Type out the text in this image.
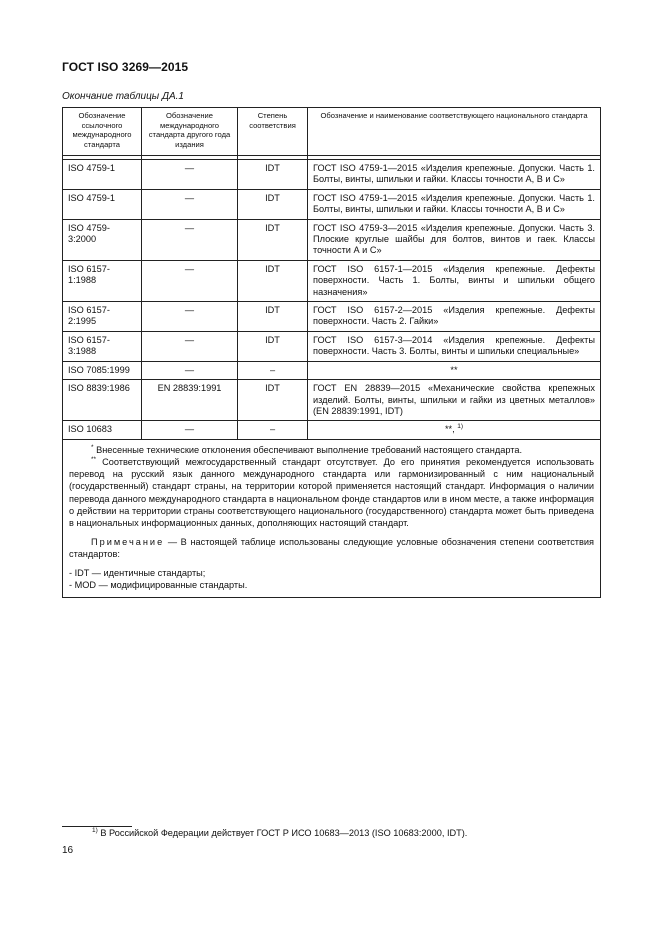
ГОСТ ISO 3269—2015
Окончание таблицы ДА.1
Обозначение ссылочного международного стандарта	Обозначение международного стандарта другого года издания	Степень соответствия	Обозначение и наименование соответствующего национального стандарта

ISO 4759-1	—	IDT	ГОСТ ISO 4759-1—2015 «Изделия крепежные. Допуски. Часть 1. Болты, винты, шпильки и гайки. Классы точности А, В и С»
ISO 4759-1	—	IDT	ГОСТ ISO 4759-1—2015 «Изделия крепежные. Допуски. Часть 1. Болты, винты, шпильки и гайки. Классы точности А, В и С»
ISO 4759-3:2000	—	IDT	ГОСТ ISO 4759-3—2015 «Изделия крепежные. Допуски. Часть 3. Плоские круглые шайбы для болтов, винтов и гаек. Классы точности А и С»
ISO 6157-1:1988	—	IDT	ГОСТ ISO 6157-1—2015 «Изделия крепежные. Дефекты поверхности. Часть 1. Болты, винты и шпильки общего назначения»
ISO 6157-2:1995	—	IDT	ГОСТ ISO 6157-2—2015 «Изделия крепежные. Дефекты поверхности. Часть 2. Гайки»
ISO 6157-3:1988	—	IDT	ГОСТ ISO 6157-3—2014 «Изделия крепежные. Дефекты поверхности. Часть 3. Болты, винты и шпильки специальные»
ISO 7085:1999	—	–	**
ISO 8839:1986	EN 28839:1991	IDT	ГОСТ EN 28839—2015 «Механические свойства крепежных изделий. Болты, винты, шпильки и гайки из цветных металлов» (EN 28839:1991, IDT)
ISO 10683	—	–	**, $^{1)}$

* Внесенные технические отклонения обеспечивают выполнение требований настоящего стандарта.

** Соответствующий межгосударственный стандарт отсутствует. До его принятия рекомендуется использовать перевод на русский язык данного международного стандарта или гармонизированный с ним национальный (государственный) стандарт страны, на территории которой применяется настоящий стандарт. Информация о наличии перевода данного международного стандарта в национальном фонде стандартов или в ином месте, а также информация о действии на территории страны соответствующего национального (государственного) стандарта может быть приведена в национальных информационных данных, дополняющих настоящий стандарт.

Примечание — В настоящей таблице использованы следующие условные обозначения степени соответствия стандартов:

- IDT — идентичные стандарты;

- MOD — модифицированные стандарты.			

$^{1)}$ В Российской Федерации действует ГОСТ Р ИСО 10683—2013 (ISO 10683:2000, IDT).
16
